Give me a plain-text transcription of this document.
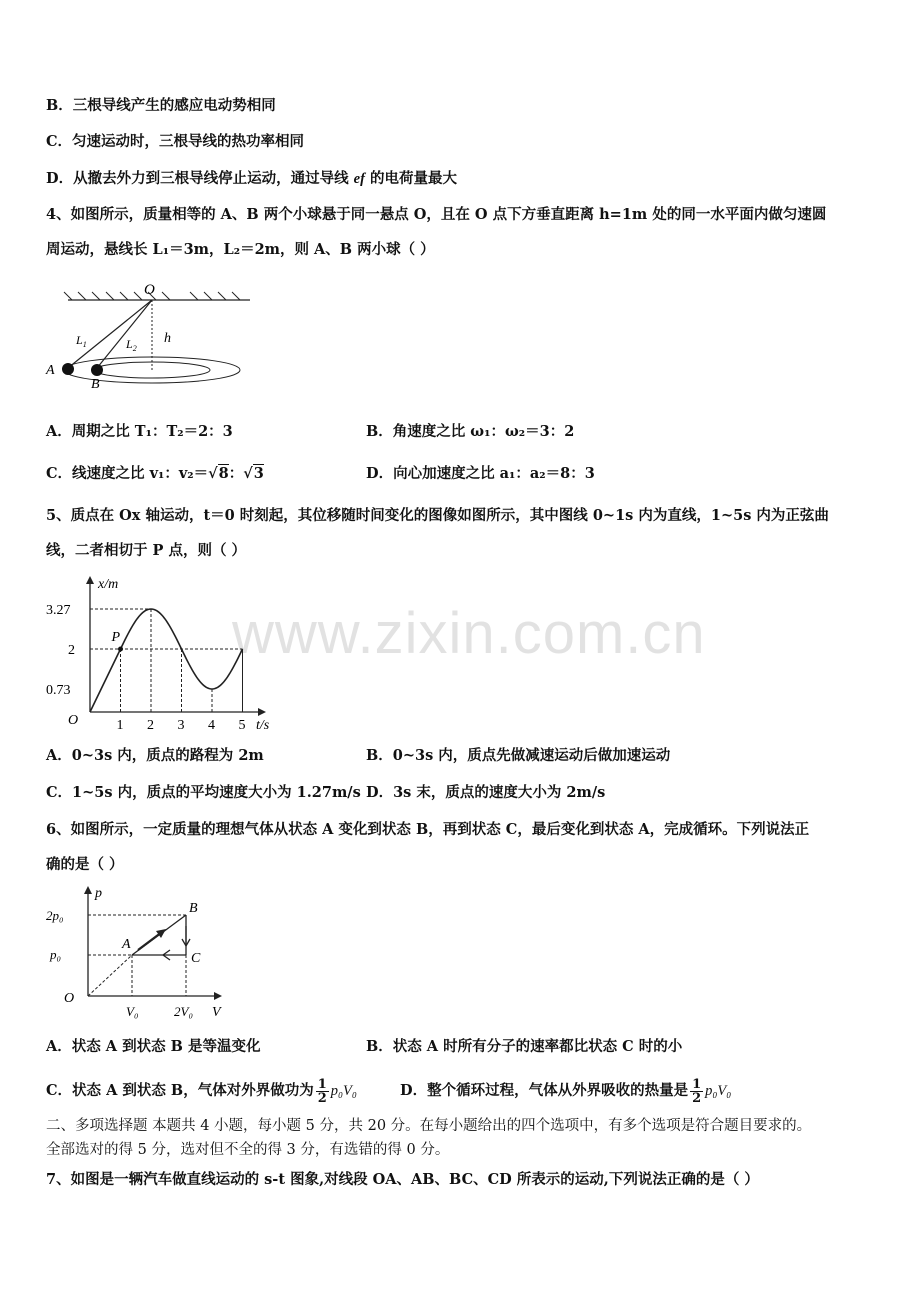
www.zixin.com.cn
B．三根导线产生的感应电动势相同
C．匀速运动时，三根导线的热功率相同
D．从撤去外力到三根导线停止运动，通过导线 ef 的电荷量最大
4、如图所示，质量相等的 A、B 两个小球悬于同一悬点 O，且在 O 点下方垂直距离 h=1m 处的同一水平面内做匀速圆
周运动，悬线长 L₁＝3m，L₂＝2m，则 A、B 两小球（ ）
O
A
B
$L_1$	$L_2$
h
A．周期之比 T₁：T₂＝2：3	B．角速度之比 ω₁：ω₂＝3：2
C．线速度之比 v₁：v₂＝√8：√3	D．向心加速度之比 a₁：a₂＝8：3
5、质点在 Ox 轴运动，t＝0 时刻起，其位移随时间变化的图像如图所示，其中图线 0~1s 内为直线，1~5s 内为正弦曲
线，二者相切于 P 点，则（ ）
x/m
t/s
O	1 2 3 4 5
0.73
2
3.27
P
A．0~3s 内，质点的路程为 2m	B．0~3s 内，质点先做减速运动后做加速运动
C．1~5s 内，质点的平均速度大小为 1.27m/s D．3s 末，质点的速度大小为 2m/s
6、如图所示，一定质量的理想气体从状态 A 变化到状态 B，再到状态 C，最后变化到状态 A，完成循环。下列说法正
确的是（ ）
p
V
O
2p₀
p₀
V₀	2V₀
A
B
C
A．状态 A 到状态 B 是等温变化	B．状态 A 时所有分子的速率都比状态 C 时的小
C．状态 A 到状态 B，气体对外界做功为 $\frac{1}{2} p_0V_0$	D．整个循环过程，气体从外界吸收的热量是 $\frac{1}{2} p_0V_0$
二、多项选择题 本题共 4 小题，每小题 5 分，共 20 分。在每小题给出的四个选项中，有多个选项是符合题目要求的。
全部选对的得 5 分，选对但不全的得 3 分，有选错的得 0 分。
7、如图是一辆汽车做直线运动的 s-t 图象,对线段 OA、AB、BC、CD 所表示的运动,下列说法正确的是（ ）
